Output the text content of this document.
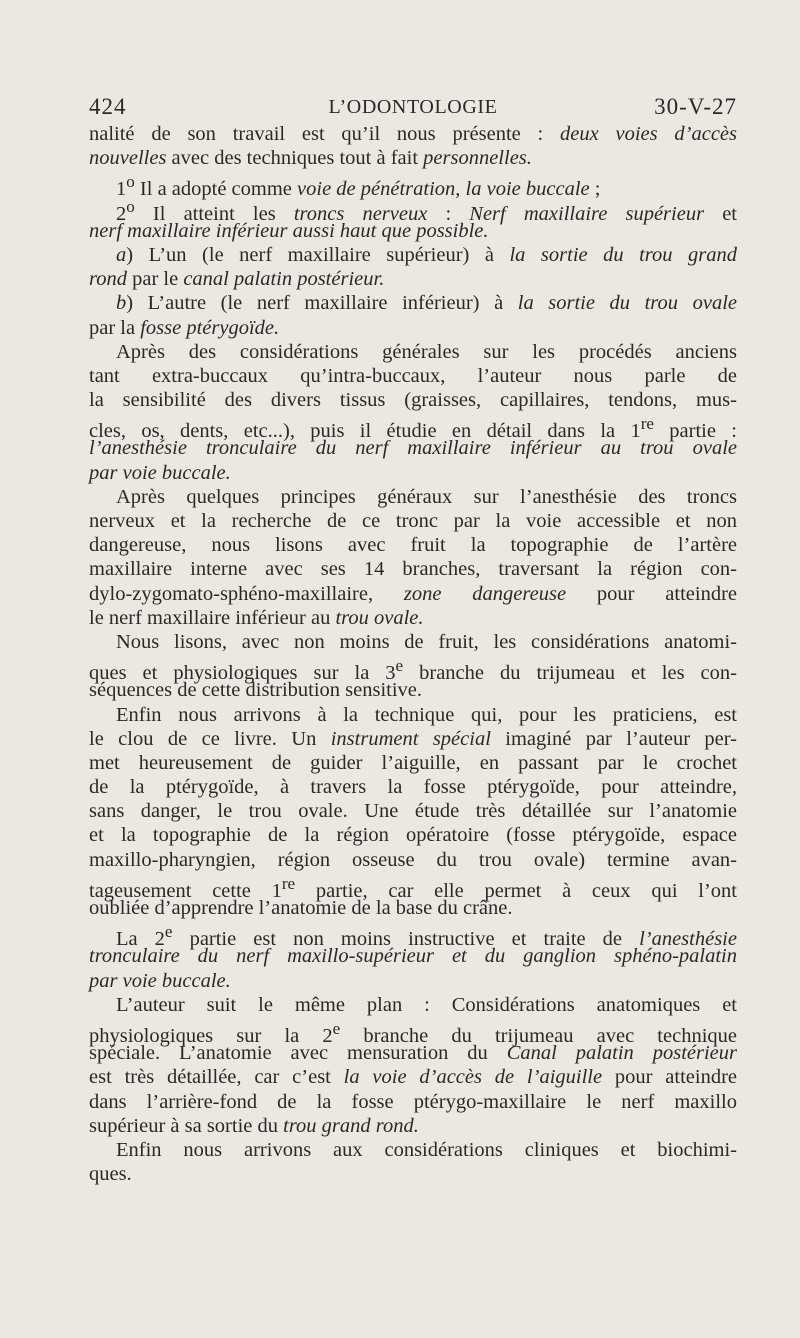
424	L’ODONTOLOGIE	30-V-27
nalité de son travail est qu’il nous présente : deux voies d’accès
nouvelles avec des techniques tout à fait personnelles.
1$^o$ Il a adopté comme voie de pénétration, la voie buccale ;
2$^o$ Il atteint les troncs nerveux : Nerf maxillaire supérieur et
nerf maxillaire inférieur aussi haut que possible.
a) L’un (le nerf maxillaire supérieur) à la sortie du trou grand
rond par le canal palatin postérieur.
b) L’autre (le nerf maxillaire inférieur) à la sortie du trou ovale
par la fosse ptérygoïde.
Après des considérations générales sur les procédés anciens
tant extra-buccaux qu’intra-buccaux, l’auteur nous parle de
la sensibilité des divers tissus (graisses, capillaires, tendons, mus-
cles, os, dents, etc...), puis il étudie en détail dans la 1re partie :
l’anesthésie tronculaire du nerf maxillaire inférieur au trou ovale
par voie buccale.
Après quelques principes généraux sur l’anesthésie des troncs
nerveux et la recherche de ce tronc par la voie accessible et non
dangereuse, nous lisons avec fruit la topographie de l’artère
maxillaire interne avec ses 14 branches, traversant la région con-
dylo-zygomato-sphéno-maxillaire, zone dangereuse pour atteindre
le nerf maxillaire inférieur au trou ovale.
Nous lisons, avec non moins de fruit, les considérations anatomi-
ques et physiologiques sur la 3e branche du trijumeau et les con-
séquences de cette distribution sensitive.
Enfin nous arrivons à la technique qui, pour les praticiens, est
le clou de ce livre. Un instrument spécial imaginé par l’auteur per-
met heureusement de guider l’aiguille, en passant par le crochet
de la ptérygoïde, à travers la fosse ptérygoïde, pour atteindre,
sans danger, le trou ovale. Une étude très détaillée sur l’anatomie
et la topographie de la région opératoire (fosse ptérygoïde, espace
maxillo-pharyngien, région osseuse du trou ovale) termine avan-
tageusement cette 1re partie, car elle permet à ceux qui l’ont
oubliée d’apprendre l’anatomie de la base du crâne.
La 2e partie est non moins instructive et traite de l’anesthésie
tronculaire du nerf maxillo-supérieur et du ganglion sphéno-palatin
par voie buccale.
L’auteur suit le même plan : Considérations anatomiques et
physiologiques sur la 2e branche du trijumeau avec technique
spéciale. L’anatomie avec mensuration du Canal palatin postérieur
est très détaillée, car c’est la voie d’accès de l’aiguille pour atteindre
dans l’arrière-fond de la fosse ptérygo-maxillaire le nerf maxillo
supérieur à sa sortie du trou grand rond.
Enfin nous arrivons aux considérations cliniques et biochimi-
ques.
